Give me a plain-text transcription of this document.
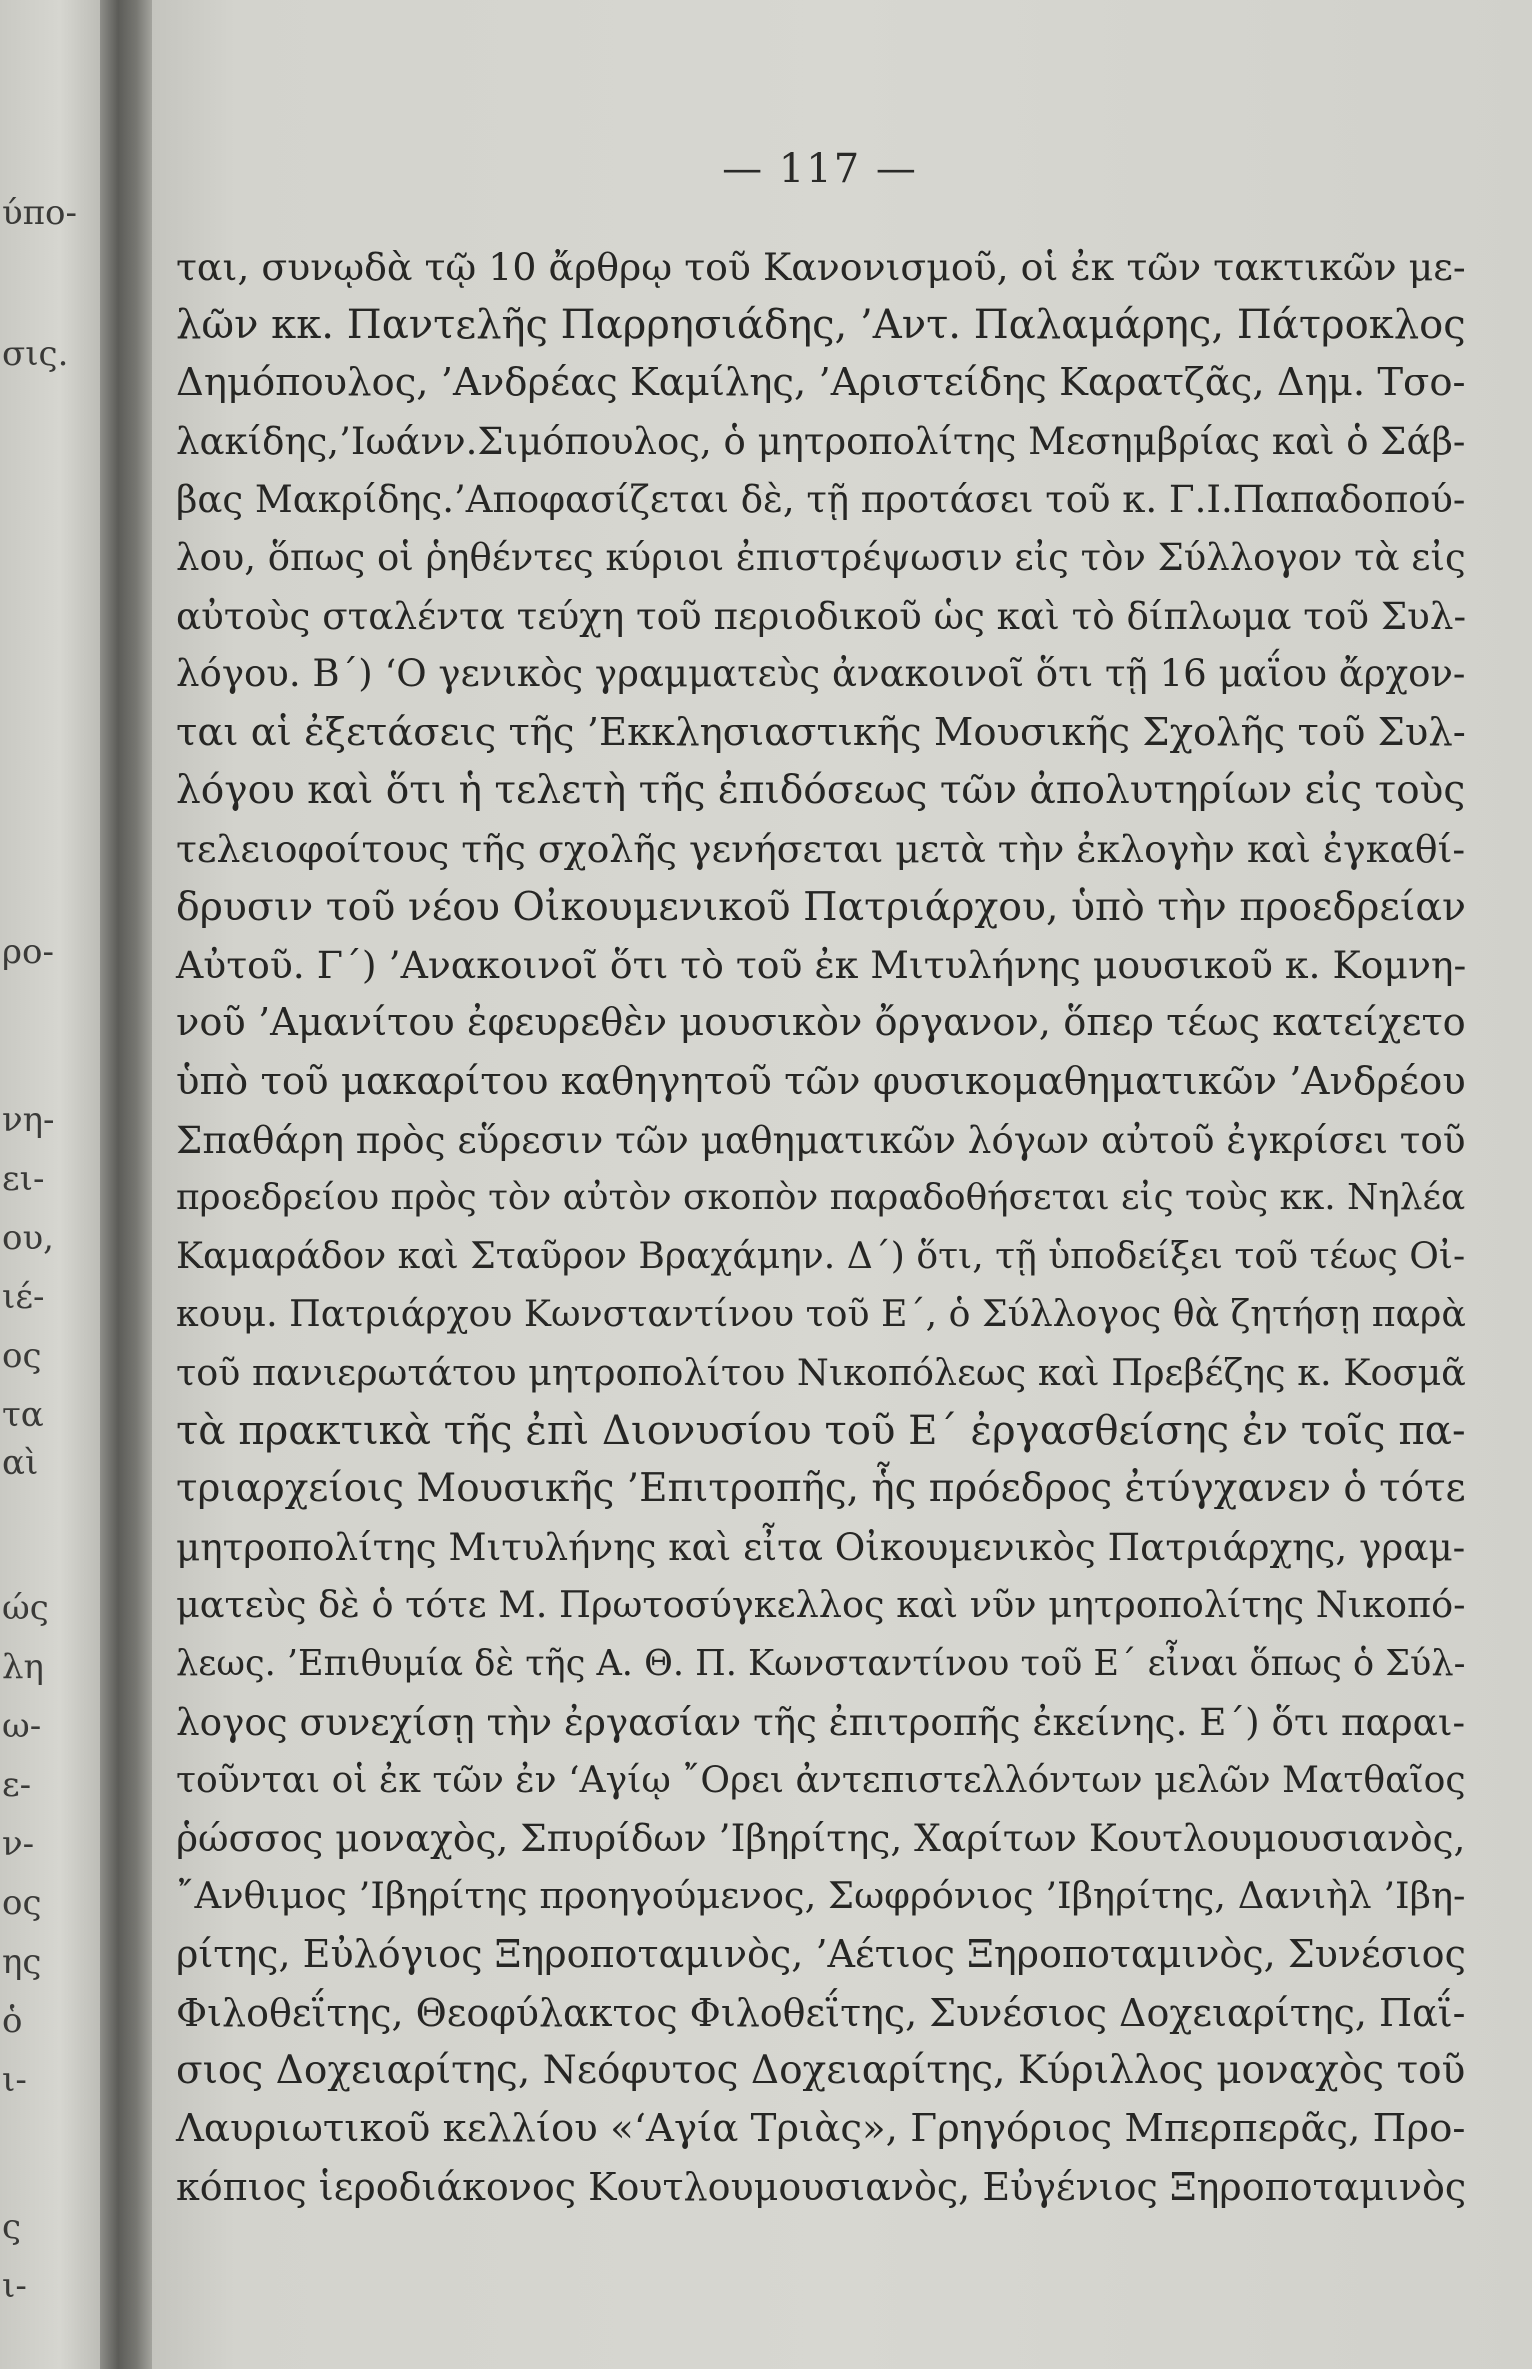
ύπο-
σις.
ρο-
νη-
ει-
ου,
ιέ-
ος
τα
αὶ
ώς
λη
ω-
ε-
ν-
ος
ης
ὁ
ι-
ς
ι-
— 117 —
ται, συνῳδὰ τῷ 10 ἄρθρῳ τοῦ Κανονισμοῦ, οἱ ἐκ τῶν τακτικῶν με-
λῶν κκ. Παντελῆς Παρρησιάδης, ’Αντ. Παλαμάρης, Πάτροκλος
Δημόπουλος, ’Ανδρέας Καμίλης, ’Αριστείδης Καρατζᾶς, Δημ. Τσο-
λακίδης,’Ιωάνν.Σιμόπουλος, ὁ μητροπολίτης Μεσημβρίας καὶ ὁ Σάβ-
βας Μακρίδης.’Αποφασίζεται δὲ, τῇ προτάσει τοῦ κ. Γ.Ι.Παπαδοπού-
λου, ὅπως οἱ ῥηθέντες κύριοι ἐπιστρέψωσιν εἰς τὸν Σύλλογον τὰ εἰς
αὐτοὺς σταλέντα τεύχη τοῦ περιοδικοῦ ὡς καὶ τὸ δίπλωμα τοῦ Συλ-
λόγου. Β΄) ‘Ο γενικὸς γραμματεὺς ἀνακοινοῖ ὅτι τῇ 16 μαΐου ἄρχον-
ται αἱ ἐξετάσεις τῆς ’Εκκλησιαστικῆς Μουσικῆς Σχολῆς τοῦ Συλ-
λόγου καὶ ὅτι ἡ τελετὴ τῆς ἐπιδόσεως τῶν ἀπολυτηρίων εἰς τοὺς
τελειοφοίτους τῆς σχολῆς γενήσεται μετὰ τὴν ἐκλογὴν καὶ ἐγκαθί-
δρυσιν τοῦ νέου Οἰκουμενικοῦ Πατριάρχου, ὑπὸ τὴν προεδρείαν
Αὐτοῦ. Γ΄) ’Ανακοινοῖ ὅτι τὸ τοῦ ἐκ Μιτυλήνης μουσικοῦ κ. Κομνη-
νοῦ ’Αμανίτου ἐφευρεθὲν μουσικὸν ὄργανον, ὅπερ τέως κατείχετο
ὑπὸ τοῦ μακαρίτου καθηγητοῦ τῶν φυσικομαθηματικῶν ’Ανδρέου
Σπαθάρη πρὸς εὕρεσιν τῶν μαθηματικῶν λόγων αὐτοῦ ἐγκρίσει τοῦ
προεδρείου πρὸς τὸν αὐτὸν σκοπὸν παραδοθήσεται εἰς τοὺς κκ. Νηλέα
Καμαράδον καὶ Σταῦρον Βραχάμην. Δ΄) ὅτι, τῇ ὑποδείξει τοῦ τέως Οἰ-
κουμ. Πατριάρχου Κωνσταντίνου τοῦ Ε΄, ὁ Σύλλογος θὰ ζητήσῃ παρὰ
τοῦ πανιερωτάτου μητροπολίτου Νικοπόλεως καὶ Πρεβέζης κ. Κοσμᾶ
τὰ πρακτικὰ τῆς ἐπὶ Διονυσίου τοῦ Ε΄ ἐργασθείσης ἐν τοῖς πα-
τριαρχείοις Μουσικῆς ’Επιτροπῆς, ἧς πρόεδρος ἐτύγχανεν ὁ τότε
μητροπολίτης Μιτυλήνης καὶ εἶτα Οἰκουμενικὸς Πατριάρχης, γραμ-
ματεὺς δὲ ὁ τότε Μ. Πρωτοσύγκελλος καὶ νῦν μητροπολίτης Νικοπό-
λεως. ’Επιθυμία δὲ τῆς Α. Θ. Π. Κωνσταντίνου τοῦ Ε΄ εἶναι ὅπως ὁ Σύλ-
λογος συνεχίσῃ τὴν ἐργασίαν τῆς ἐπιτροπῆς ἐκείνης. Ε΄) ὅτι παραι-
τοῦνται οἱ ἐκ τῶν ἐν ‘Αγίῳ ῎Ορει ἀντεπιστελλόντων μελῶν Ματθαῖος
ῥώσσος μοναχὸς, Σπυρίδων ’Ιβηρίτης, Χαρίτων Κουτλουμουσιανὸς,
῎Ανθιμος ’Ιβηρίτης προηγούμενος, Σωφρόνιος ’Ιβηρίτης, Δανιὴλ ’Ιβη-
ρίτης, Εὐλόγιος Ξηροποταμινὸς, ’Αέτιος Ξηροποταμινὸς, Συνέσιος
Φιλοθεΐτης, Θεοφύλακτος Φιλοθεΐτης, Συνέσιος Δοχειαρίτης, Παΐ-
σιος Δοχειαρίτης, Νεόφυτος Δοχειαρίτης, Κύριλλος μοναχὸς τοῦ
Λαυριωτικοῦ κελλίου «‘Αγία Τριὰς», Γρηγόριος Μπερπερᾶς, Προ-
κόπιος ἱεροδιάκονος Κουτλουμουσιανὸς, Εὐγένιος Ξηροποταμινὸς
